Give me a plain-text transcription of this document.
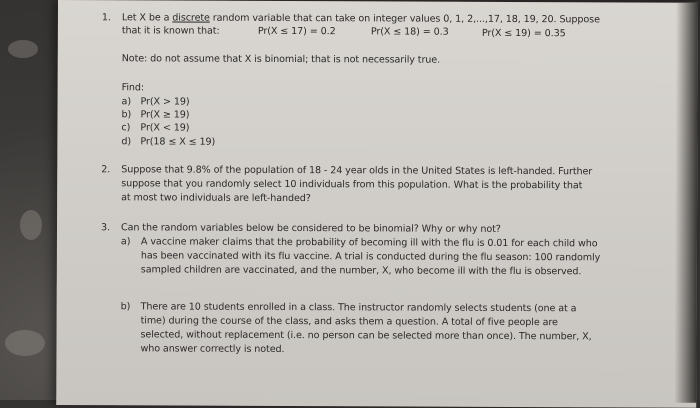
1. Let X be a discrete random variable that can take on integer values 0, 1, 2,...,17, 18, 19, 20. Suppose
that it is known that:	Pr(X ≤ 17) = 0.2	Pr(X ≤ 18) = 0.3	Pr(X ≤ 19) = 0.35
Note: do not assume that X is binomial; that is not necessarily true.
Find:
a) Pr(X > 19)
b) Pr(X ≥ 19)
c) Pr(X < 19)
d) Pr(18 ≤ X ≤ 19)
2. Suppose that 9.8% of the population of 18 - 24 year olds in the United States is left-handed. Further
suppose that you randomly select 10 individuals from this population. What is the probability that
at most two individuals are left-handed?
3. Can the random variables below be considered to be binomial? Why or why not?
a) A vaccine maker claims that the probability of becoming ill with the flu is 0.01 for each child who
has been vaccinated with its flu vaccine. A trial is conducted during the flu season: 100 randomly
sampled children are vaccinated, and the number, X, who become ill with the flu is observed.
b) There are 10 students enrolled in a class. The instructor randomly selects students (one at a
time) during the course of the class, and asks them a question. A total of five people are
selected, without replacement (i.e. no person can be selected more than once). The number, X,
who answer correctly is noted.
